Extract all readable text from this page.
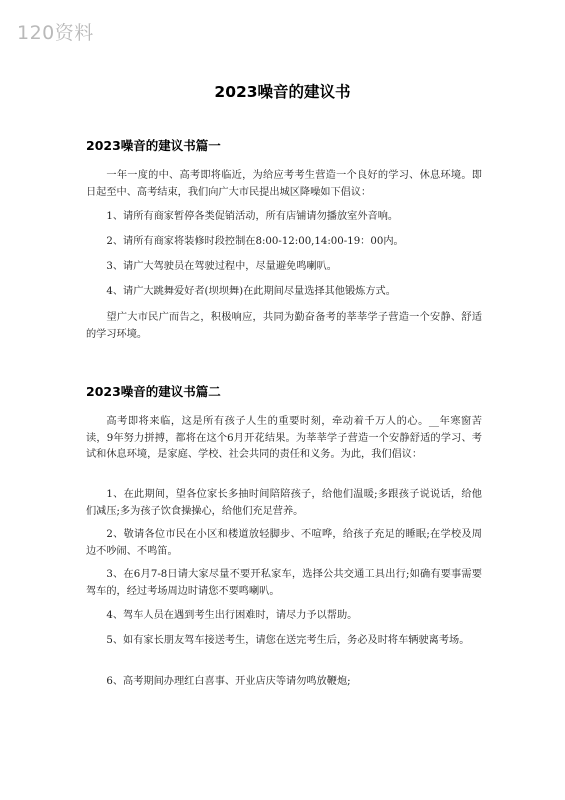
120资料
2023噪音的建议书
2023噪音的建议书篇一

一年一度的中、高考即将临近，为给应考考生营造一个良好的学习、休息环境。即日起至中、高考结束，我们向广大市民提出城区降噪如下倡议：

1、请所有商家暂停各类促销活动，所有店铺请勿播放室外音响。

2、请所有商家将装修时段控制在8:00-12:00,14:00-19：00内。

3、请广大驾驶员在驾驶过程中，尽量避免鸣喇叭。

4、请广大跳舞爱好者(坝坝舞)在此期间尽量选择其他锻炼方式。

望广大市民广而告之，积极响应，共同为勤奋备考的莘莘学子营造一个安静、舒适的学习环境。

2023噪音的建议书篇二

高考即将来临，这是所有孩子人生的重要时刻，牵动着千万人的心。__年寒窗苦读，9年努力拼搏，都将在这个6月开花结果。为莘莘学子营造一个安静舒适的学习、考试和休息环境，是家庭、学校、社会共同的责任和义务。为此，我们倡议：

1、在此期间，望各位家长多抽时间陪陪孩子，给他们温暖;多跟孩子说说话，给他们减压;多为孩子饮食操操心，给他们充足营养。

2、敬请各位市民在小区和楼道放轻脚步、不喧哗，给孩子充足的睡眠;在学校及周边不吵闹、不鸣笛。

3、在6月7-8日请大家尽量不要开私家车，选择公共交通工具出行;如确有要事需要驾车的，经过考场周边时请您不要鸣喇叭。

4、驾车人员在遇到考生出行困难时，请尽力予以帮助。

5、如有家长朋友驾车接送考生，请您在送完考生后，务必及时将车辆驶离考场。

6、高考期间办理红白喜事、开业店庆等请勿鸣放鞭炮;
